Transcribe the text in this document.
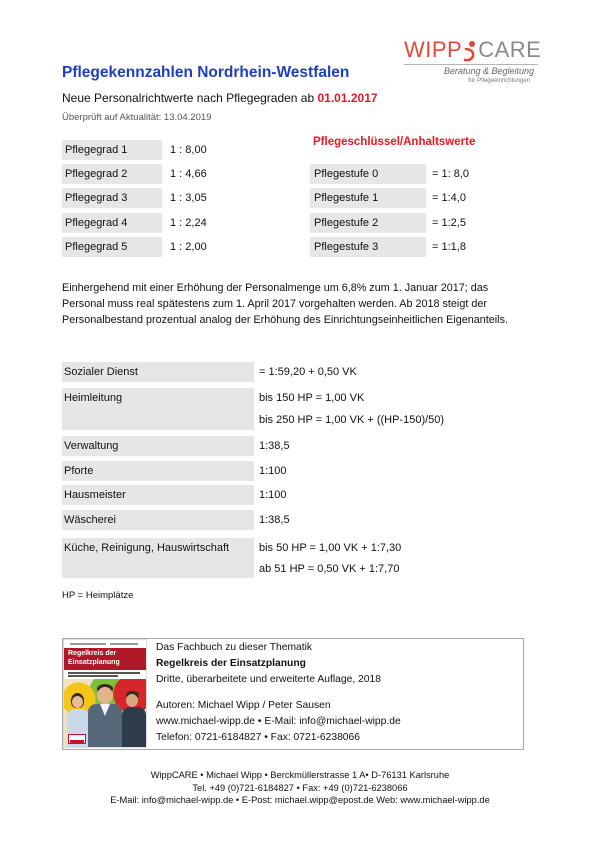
WIPP CARE
Beratung & Begleitung
für Pflegeeinrichtungen
Pflegekennzahlen Nordrhein-Westfalen
Neue Personalrichtwerte nach Pflegegraden ab 01.01.2017
Überprüft auf Aktualität: 13.04.2019
Pflegegrad 1	1 : 8,00
Pflegegrad 2	1 : 4,66
Pflegegrad 3	1 : 3,05
Pflegegrad 4	1 : 2,24
Pflegegrad 5	1 : 2,00
Pflegeschlüssel/Anhaltswerte
Pflegestufe 0	= 1: 8,0
Pflegestufe 1	= 1:4,0
Pflegestufe 2	= 1:2,5
Pflegestufe 3	= 1:1,8
Einhergehend mit einer Erhöhung der Personalmenge um 6,8% zum 1. Januar 2017; das
Personal muss real spätestens zum 1. April 2017 vorgehalten werden. Ab 2018 steigt der
Personalbestand prozentual analog der Erhöhung des Einrichtungseinheitlichen Eigenanteils.
Sozialer Dienst	= 1:59,20 + 0,50 VK
Heimleitung	bis 150 HP = 1,00 VK
bis 250 HP = 1,00 VK + ((HP-150)/50)
Verwaltung	1:38,5
Pforte	1:100
Hausmeister	1:100
Wäscherei	1:38,5
Küche, Reinigung, Hauswirtschaft	bis 50 HP = 1,00 VK + 1:7,30
ab 51 HP = 0,50 VK + 1:7,70
HP = Heimplätze
Regelkreis der Einsatzplanung
Das Fachbuch zu dieser Thematik
Regelkreis der Einsatzplanung
Dritte, überarbeitete und erweiterte Auflage, 2018
Autoren: Michael Wipp / Peter Sausen
www.michael-wipp.de • E-Mail: info@michael-wipp.de
Telefon: 0721-6184827 • Fax: 0721-6238066
WippCARE • Michael Wipp • Berckmüllerstrasse 1 A• D-76131 Karlsruhe
Tel. +49 (0)721-6184827 • Fax: +49 (0)721-6238066
E-Mail: info@michael-wipp.de • E-Post: michael.wipp@epost.de Web: www.michael-wipp.de
